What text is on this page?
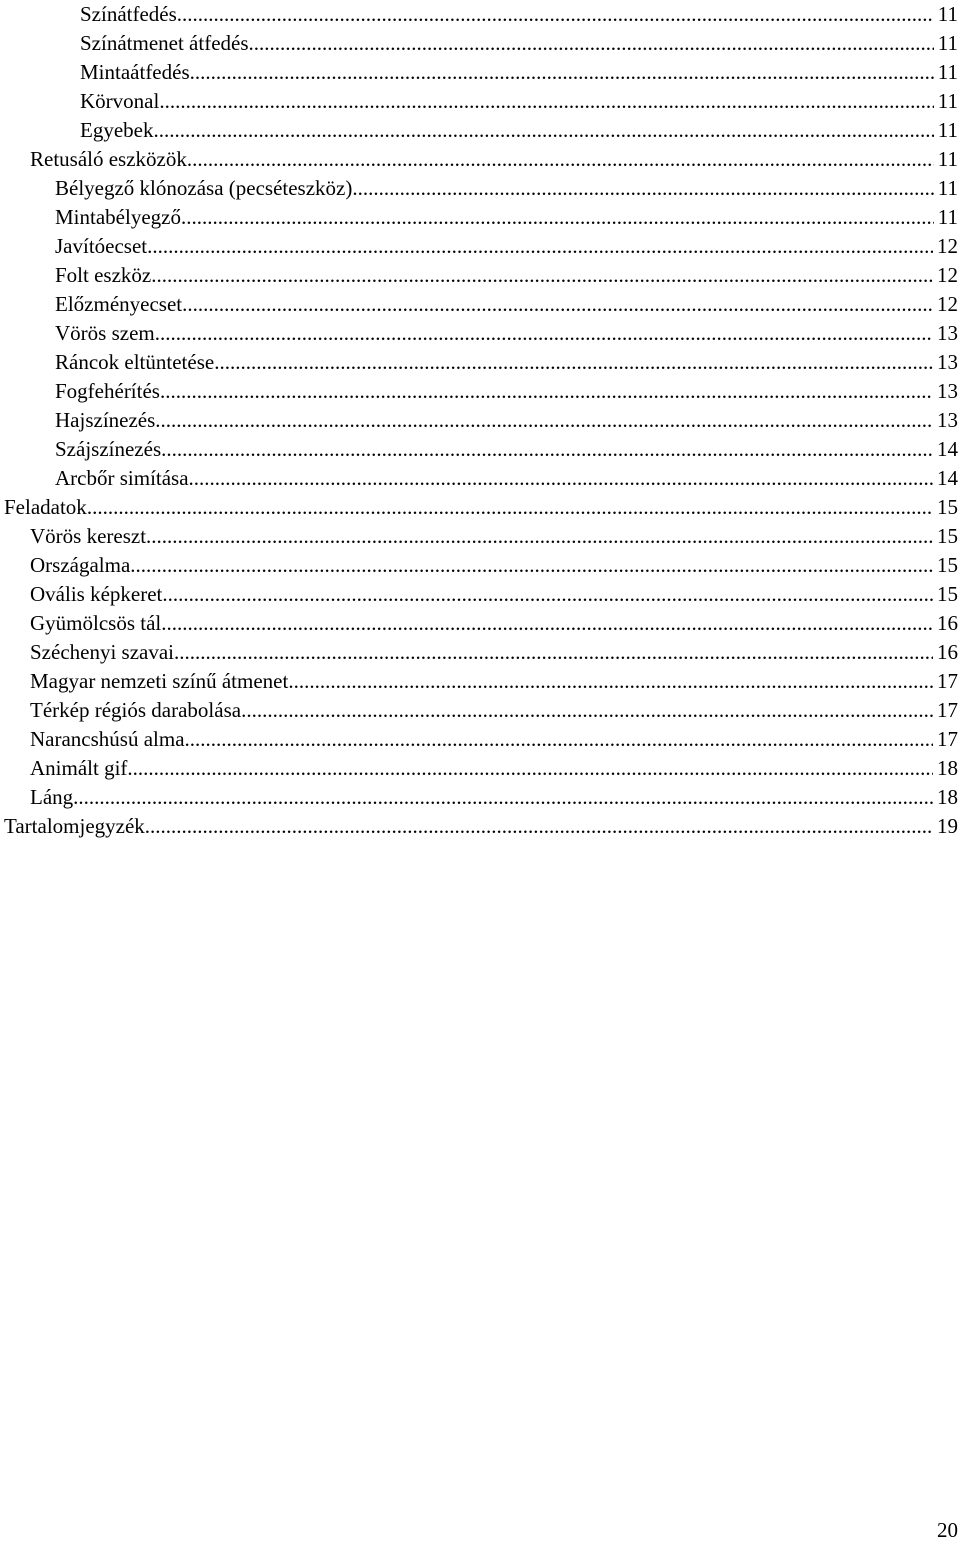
Színátfedés .....	11
Színátmenet átfedés .....	11
Mintaátfedés .....	11
Körvonal .....	11
Egyebek .....	11
Retusáló eszközök .....	11
Bélyegző klónozása (pecséteszköz) .....	11
Mintabélyegző .....	11
Javítóecset .....	12
Folt eszköz .....	12
Előzményecset .....	12
Vörös szem .....	13
Ráncok eltüntetése .....	13
Fogfehérítés .....	13
Hajszínezés .....	13
Szájszínezés .....	14
Arcbőr simítása .....	14
Feladatok .....	15
Vörös kereszt .....	15
Országalma .....	15
Ovális képkeret .....	15
Gyümölcsös tál .....	16
Széchenyi szavai .....	16
Magyar nemzeti színű átmenet .....	17
Térkép régiós darabolása .....	17
Narancshúsú alma .....	17
Animált gif .....	18
Láng .....	18
Tartalomjegyzék .....	19
20
